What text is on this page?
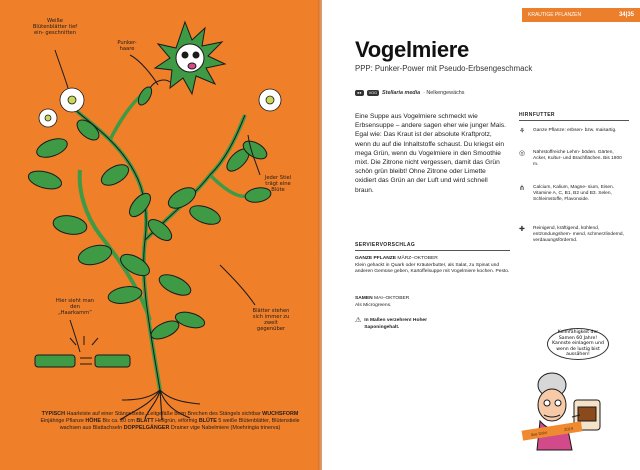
Weiße Blütenblätter tief ein- geschnitten
Punker- haare
Jeder Stiel trägt eine Blüte
Hier sieht man den „Haarkamm“	Blätter stehen sich immer zu zweit gegenüber
TYPISCH Haarleiste auf einer Stängelseite. Leitgefäße beim Brechen des Stängels sichtbar WUCHSFORM Einjährige Pflanze HÖHE Bis ca. 20 cm BLATT Hellgrün, eiförmig BLÜTE 5 weiße Blütenblätter, Blütenstiele wachsen aus Blattachseln DOPPELGÄNGER Drainer vige Nabelmiere (Moehringia trinerva)
KRAUTIGE PFLANZEN	34|35
Vogelmiere
PPP: Punker-Power mit Pseudo-Erbsengeschmack
●●	VOG Stellaria media · Nelkengewächs
Eine Suppe aus Vogelmiere schmeckt wie Erbsensuppe – andere sagen eher wie junger Mais. Egal wie: Das Kraut ist der absolute Kraftprotz, wenn du auf die Inhaltstoffe schaust. Du kriegst ein mega Grün, wenn du Vogelmiere in den Smoothie mixt. Die Zitrone nicht vergessen, damit das Grün schön grün bleibt! Ohne Zitrone oder Limette oxidiert das Grün an der Luft und wird schnell braun.
SERVIERVORSCHLAG
GANZE PFLANZE MÄRZ–OKTOBER
Klein gehackt in Quark oder Kräuterbutter, als Salat, zu Spinat und anderen Gemüse geben, Kartoffelsuppe mit Vogelmiere kochen. Pesto.
SAMEN MAI–OKTOBER
Als Microgreens.
⚠ In Maßen verzehren! Hoher Saponingehalt.
HIRNFUTTER
⚘	Ganze Pflanze: erbsen- bzw. maisartig.
◎	Nährstoffreiche Lehm- böden. Gärten, Acker, Kultur- und Brachflächen. Bis 1900 m.
⋔	Calcium, Kalium, Magne- sium, Eisen. Vitamine A, C, B1, B2 und B3. Selen, Schleimstoffe, Flavonoide.
✚	Reinigend, kräftigend, kühlend, entzündungshem- mend, schmerzlindernd, verdauungsfördernd.
Keimfähigkeit der Samen 60 Jahre! Kannste einlagern und wenn de lustig bist aussähen!
Ilse Dahl
2019
